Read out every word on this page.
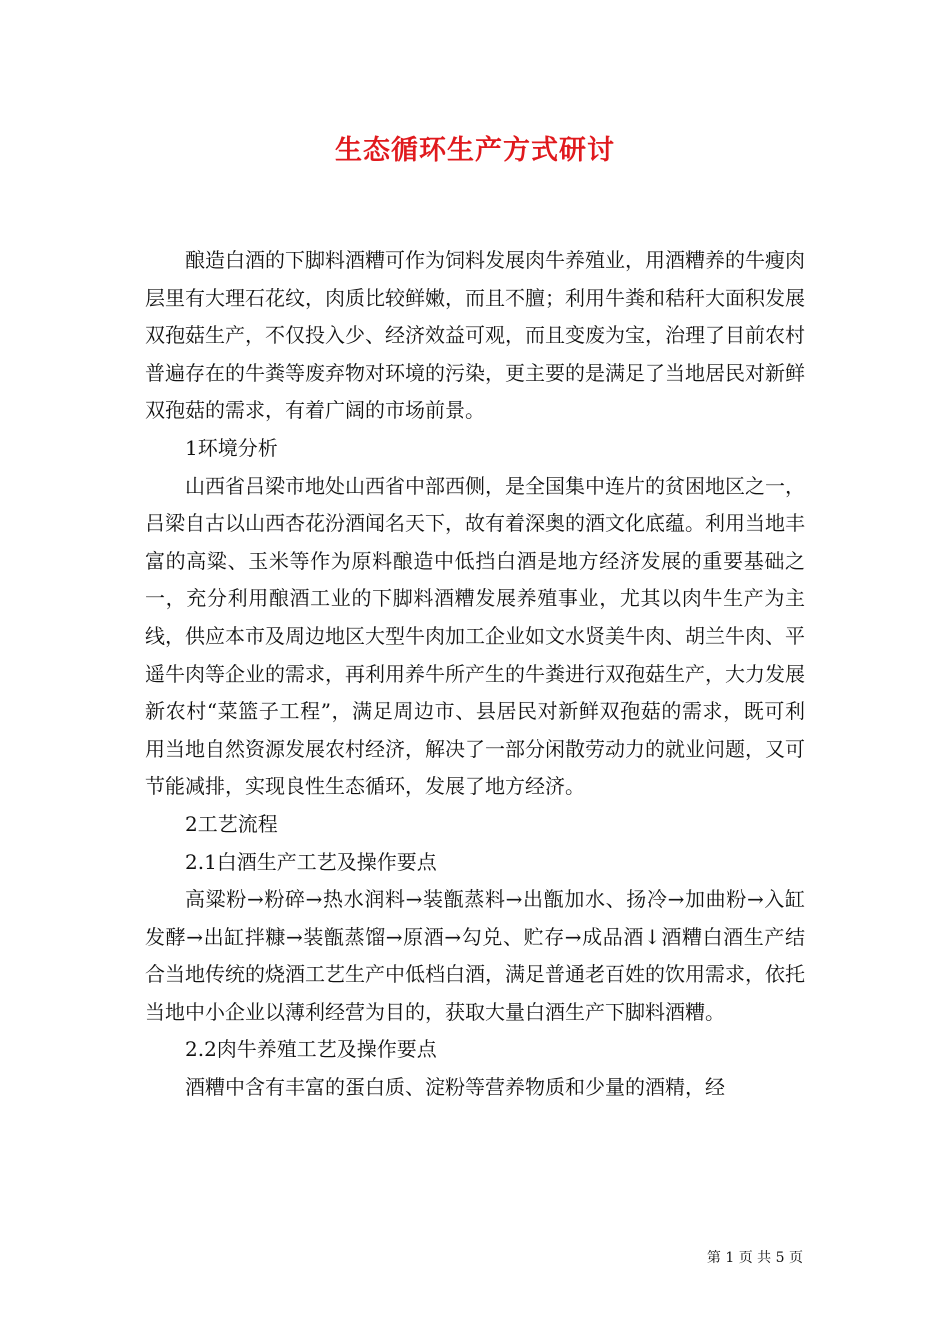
生态循环生产方式研讨

酿造白酒的下脚料酒糟可作为饲料发展肉牛养殖业，用酒糟养的牛瘦肉层里有大理石花纹，肉质比较鲜嫩，而且不膻；利用牛粪和秸秆大面积发展双孢菇生产，不仅投入少、经济效益可观，而且变废为宝，治理了目前农村普遍存在的牛粪等废弃物对环境的污染，更主要的是满足了当地居民对新鲜双孢菇的需求，有着广阔的市场前景。

1环境分析

山西省吕梁市地处山西省中部西侧，是全国集中连片的贫困地区之一，吕梁自古以山西杏花汾酒闻名天下，故有着深奥的酒文化底蕴。利用当地丰富的高粱、玉米等作为原料酿造中低挡白酒是地方经济发展的重要基础之一，充分利用酿酒工业的下脚料酒糟发展养殖事业，尤其以肉牛生产为主线，供应本市及周边地区大型牛肉加工企业如文水贤美牛肉、胡兰牛肉、平遥牛肉等企业的需求，再利用养牛所产生的牛粪进行双孢菇生产，大力发展新农村“菜篮子工程”，满足周边市、县居民对新鲜双孢菇的需求，既可利用当地自然资源发展农村经济，解决了一部分闲散劳动力的就业问题，又可节能减排，实现良性生态循环，发展了地方经济。

2工艺流程

2.1白酒生产工艺及操作要点

高粱粉→粉碎→热水润料→装甑蒸料→出甑加水、扬冷→加曲粉→入缸发酵→出缸拌糠→装甑蒸馏→原酒→勾兑、贮存→成品酒↓酒糟白酒生产结合当地传统的烧酒工艺生产中低档白酒，满足普通老百姓的饮用需求，依托当地中小企业以薄利经营为目的，获取大量白酒生产下脚料酒糟。

2.2肉牛养殖工艺及操作要点

酒糟中含有丰富的蛋白质、淀粉等营养物质和少量的酒精，经

第 1 页 共 5 页
